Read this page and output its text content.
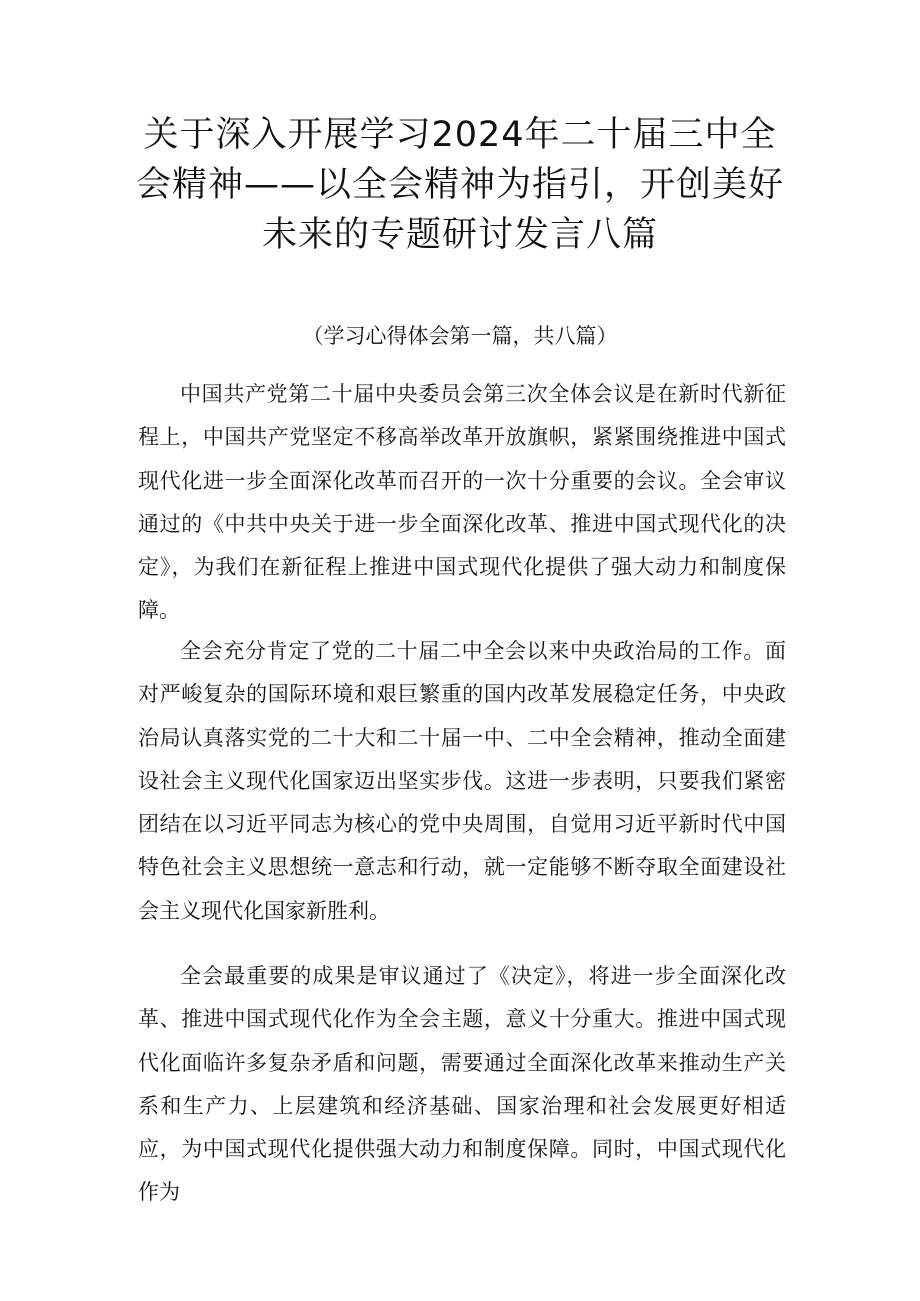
关于深入开展学习2024年二十届三中全会精神——以全会精神为指引，开创美好未来的专题研讨发言八篇

（学习心得体会第一篇，共八篇）

中国共产党第二十届中央委员会第三次全体会议是在新时代新征程上，中国共产党坚定不移高举改革开放旗帜，紧紧围绕推进中国式现代化进一步全面深化改革而召开的一次十分重要的会议。全会审议通过的《中共中央关于进一步全面深化改革、推进中国式现代化的决定》，为我们在新征程上推进中国式现代化提供了强大动力和制度保障。

全会充分肯定了党的二十届二中全会以来中央政治局的工作。面对严峻复杂的国际环境和艰巨繁重的国内改革发展稳定任务，中央政治局认真落实党的二十大和二十届一中、二中全会精神，推动全面建设社会主义现代化国家迈出坚实步伐。这进一步表明，只要我们紧密团结在以习近平同志为核心的党中央周围，自觉用习近平新时代中国特色社会主义思想统一意志和行动，就一定能够不断夺取全面建设社会主义现代化国家新胜利。

全会最重要的成果是审议通过了《决定》，将进一步全面深化改革、推进中国式现代化作为全会主题，意义十分重大。推进中国式现代化面临许多复杂矛盾和问题，需要通过全面深化改革来推动生产关系和生产力、上层建筑和经济基础、国家治理和社会发展更好相适应，为中国式现代化提供强大动力和制度保障。同时，中国式现代化作为
